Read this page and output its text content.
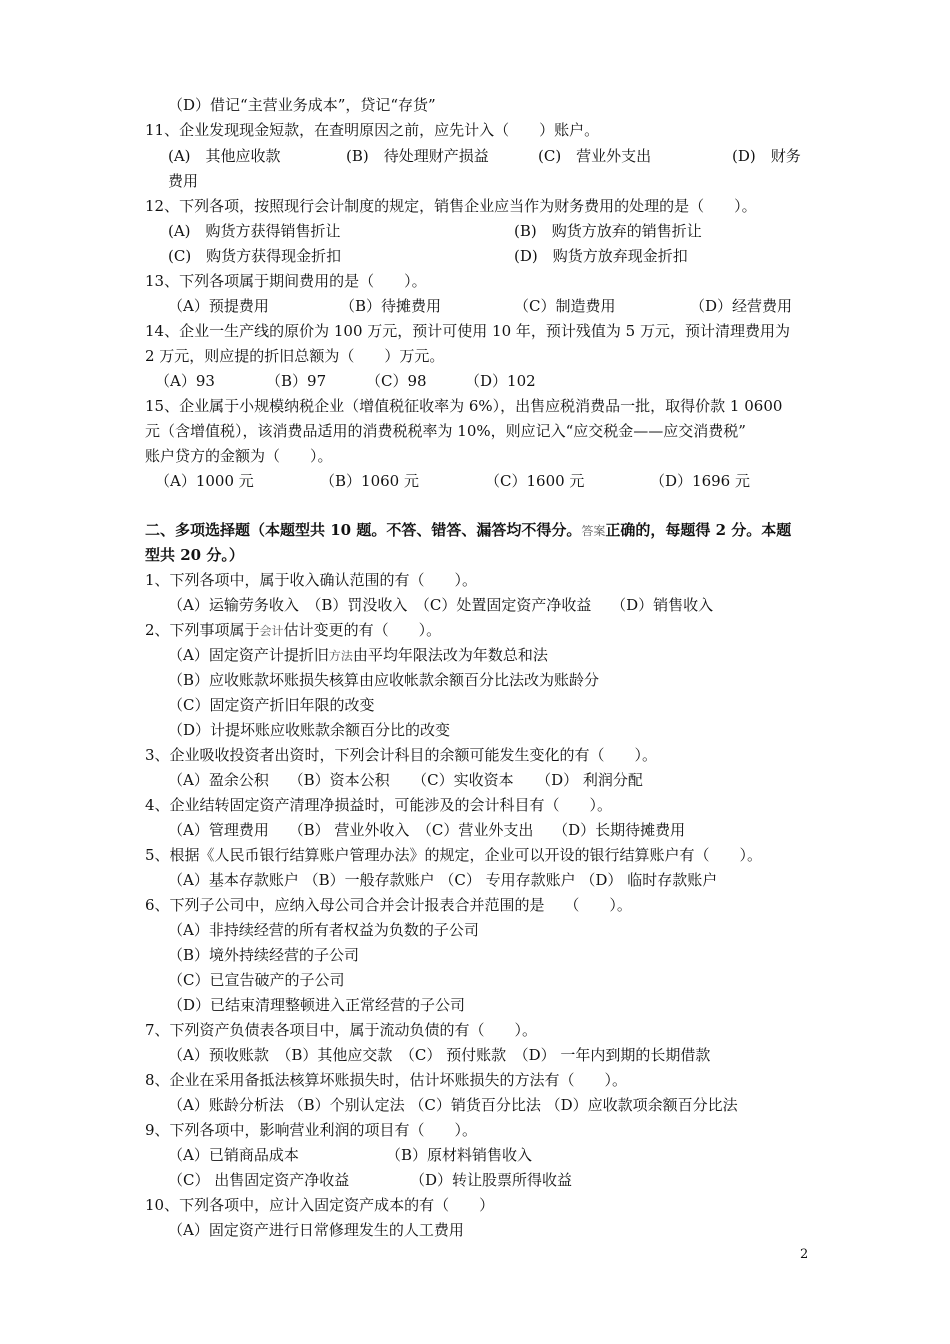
（D）借记“主营业务成本”，贷记“存货”
11、企业发现现金短款，在查明原因之前，应先计入（　　）账户。
(A)　其他应收款	(B)　待处理财产损益	(C)　营业外支出	(D)　财务
费用
12、下列各项，按照现行会计制度的规定，销售企业应当作为财务费用的处理的是（　　）。
(A)　购货方获得销售折让	(B)　购货方放弃的销售折让
(C)　购货方获得现金折扣	(D)　购货方放弃现金折扣
13、下列各项属于期间费用的是（　　）。
（A）预提费用	（B）待摊费用	（C）制造费用	（D）经营费用
14、企业一生产线的原价为 100 万元，预计可使用 10 年，预计残值为 5 万元，预计清理费用为
2 万元，则应提的折旧总额为（　　）万元。
（A）93	（B）97	（C）98	（D）102
15、企业属于小规模纳税企业（增值税征收率为 6%），出售应税消费品一批，取得价款 1 0600
元（含增值税），该消费品适用的消费税税率为 10%，则应记入“应交税金——应交消费税”
账户贷方的金额为（　　）。
（A）1000 元	（B）1060 元	（C）1600 元	（D）1696 元
二、多项选择题（本题型共 10 题。不答、错答、漏答均不得分。答案正确的，每题得 2 分。本题
型共 20 分。）
1、下列各项中，属于收入确认范围的有（　　）。
（A）运输劳务收入　（B）罚没收入　（C）处置固定资产净收益　 （D）销售收入
2、下列事项属于会计估计变更的有（　　）。
（A）固定资产计提折旧方法由平均年限法改为年数总和法
（B）应收账款坏账损失核算由应收帐款余额百分比法改为账龄分
（C）固定资产折旧年限的改变
（D）计提坏账应收账款余额百分比的改变
3、企业吸收投资者出资时，下列会计科目的余额可能发生变化的有（　　）。
（A）盈余公积　 （B）资本公积　　（C）实收资本　　（D） 利润分配
4、企业结转固定资产清理净损益时，可能涉及的会计科目有（　　）。
（A）管理费用　 （B） 营业外收入　（C）营业外支出　 （D）长期待摊费用
5、根据《人民币银行结算账户管理办法》的规定，企业可以开设的银行结算账户有（　　）。
（A）基本存款账户 （B）一般存款账户 （C） 专用存款账户 （D） 临时存款账户
6、下列子公司中，应纳入母公司合并会计报表合并范围的是　 （　　）。
（A）非持续经营的所有者权益为负数的子公司
（B）境外持续经营的子公司
（C）已宣告破产的子公司
（D）已结束清理整顿进入正常经营的子公司
7、下列资产负债表各项目中，属于流动负债的有（　　）。
（A）预收账款　（B）其他应交款　（C） 预付账款　（D） 一年内到期的长期借款
8、企业在采用备抵法核算坏账损失时，估计坏账损失的方法有（　　）。
（A）账龄分析法 （B）个别认定法 （C）销货百分比法 （D）应收款项余额百分比法
9、下列各项中，影响营业利润的项目有（　　）。
（A）已销商品成本	（B）原材料销售收入
（C） 出售固定资产净收益	（D）转让股票所得收益
10、下列各项中，应计入固定资产成本的有（　　）
（A）固定资产进行日常修理发生的人工费用
2
